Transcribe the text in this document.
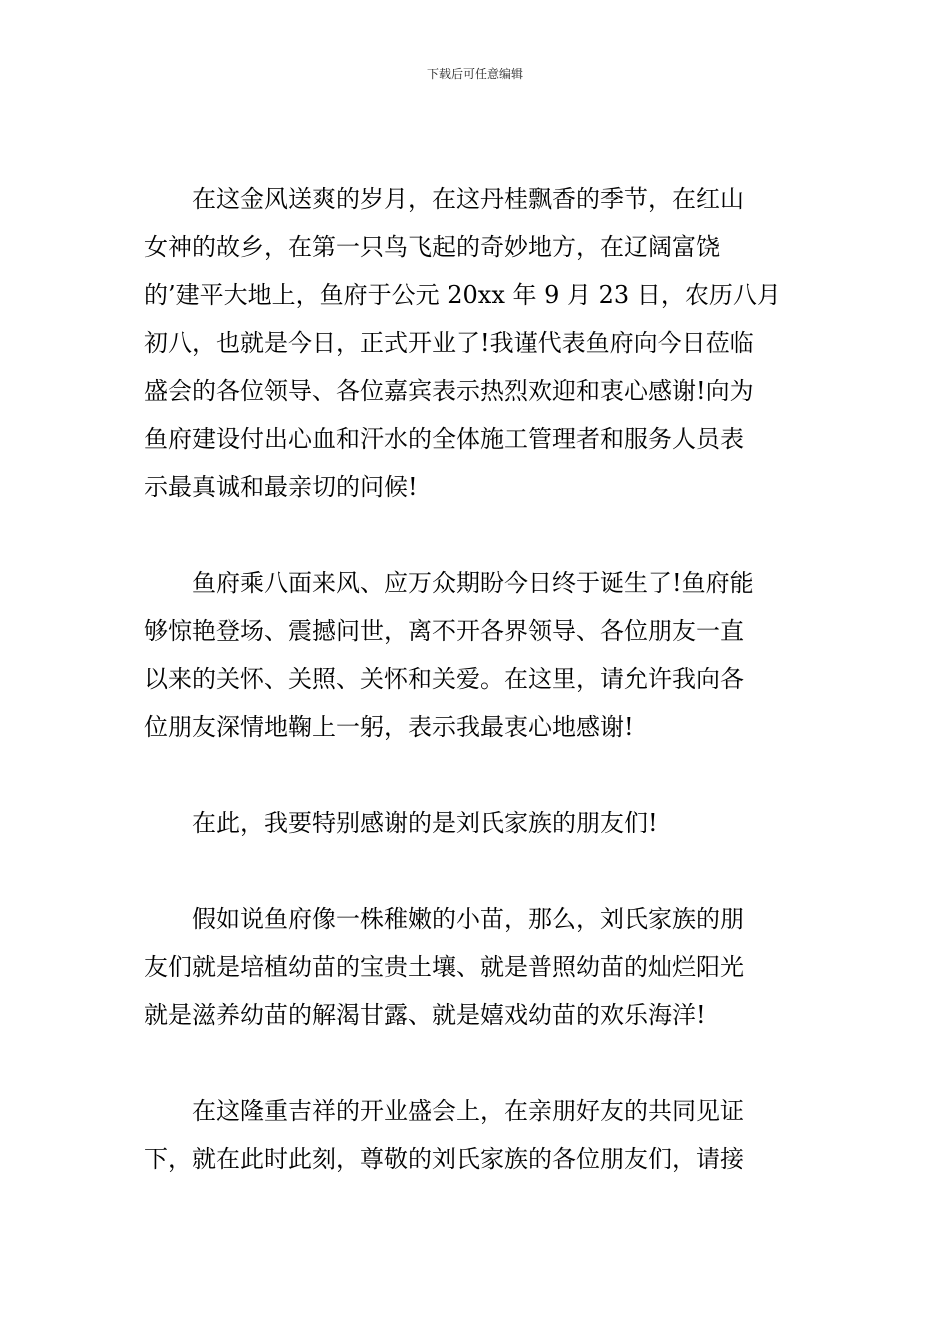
下载后可任意编辑
在这金风送爽的岁月，在这丹桂飘香的季节，在红山
女神的故乡，在第一只鸟飞起的奇妙地方，在辽阔富饶
的’建平大地上，鱼府于公元 20xx 年 9 月 23 日，农历八月
初八，也就是今日，正式开业了!我谨代表鱼府向今日莅临
盛会的各位领导、各位嘉宾表示热烈欢迎和衷心感谢!向为
鱼府建设付出心血和汗水的全体施工管理者和服务人员表
示最真诚和最亲切的问候!
鱼府乘八面来风、应万众期盼今日终于诞生了!鱼府能
够惊艳登场、震撼问世，离不开各界领导、各位朋友一直
以来的关怀、关照、关怀和关爱。在这里，请允许我向各
位朋友深情地鞠上一躬，表示我最衷心地感谢!
在此，我要特别感谢的是刘氏家族的朋友们!
假如说鱼府像一株稚嫩的小苗，那么，刘氏家族的朋
友们就是培植幼苗的宝贵土壤、就是普照幼苗的灿烂阳光
就是滋养幼苗的解渴甘露、就是嬉戏幼苗的欢乐海洋!
在这隆重吉祥的开业盛会上，在亲朋好友的共同见证
下，就在此时此刻，尊敬的刘氏家族的各位朋友们，请接
